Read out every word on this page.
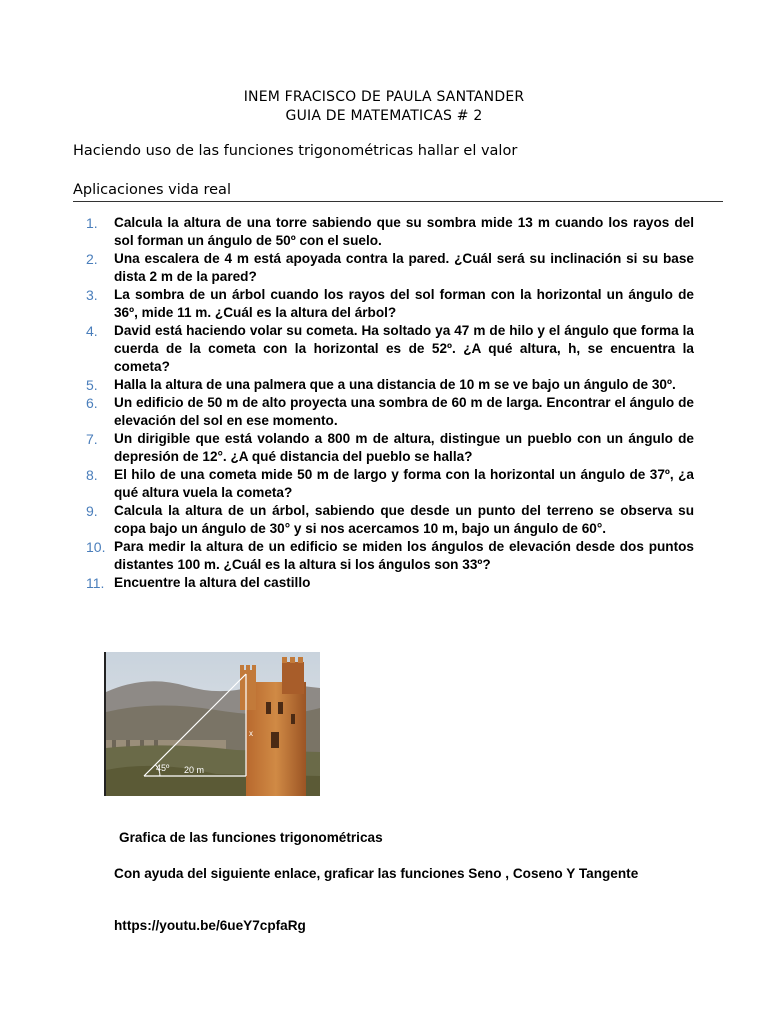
INEM FRACISCO DE PAULA SANTANDER
GUIA DE MATEMATICAS # 2
Haciendo uso de las funciones trigonométricas hallar el valor
Aplicaciones vida real
1.	Calcula la altura de una torre sabiendo que su sombra mide 13 m cuando los rayos del sol forman un ángulo de 50º con el suelo.
2.	Una escalera de 4 m está apoyada contra la pared. ¿Cuál será su inclinación si su base dista 2 m de la pared?
3.	La sombra de un árbol cuando los rayos del sol forman con la horizontal un ángulo de 36º, mide 11 m. ¿Cuál es la altura del árbol?
4.	David está haciendo volar su cometa. Ha soltado ya 47 m de hilo y el ángulo que forma la cuerda de la cometa con la horizontal es de 52º. ¿A qué altura, h, se encuentra la cometa?
5.	Halla la altura de una palmera que a una distancia de 10 m se ve bajo un ángulo de 30º.
6.	Un edificio de 50 m de alto proyecta una sombra de 60 m de larga. Encontrar el ángulo de elevación del sol en ese momento.
7.	Un dirigible que está volando a 800 m de altura, distingue un pueblo con un ángulo de depresión de 12°. ¿A qué distancia del pueblo se halla?
8.	El hilo de una cometa mide 50 m de largo y forma con la horizontal un ángulo de 37º, ¿a qué altura vuela la cometa?
9.	Calcula la altura de un árbol, sabiendo que desde un punto del terreno se observa su copa bajo un ángulo de 30° y si nos acercamos 10 m, bajo un ángulo de 60°.
10. Para medir la altura de un edificio se miden los ángulos de elevación desde dos puntos distantes 100 m. ¿Cuál es la altura si los ángulos son 33º?
11. Encuentre la altura del castillo
45º 20 m
x
Grafica de las funciones trigonométricas
Con ayuda del siguiente enlace, graficar las funciones Seno , Coseno Y Tangente
https://youtu.be/6ueY7cpfaRg
